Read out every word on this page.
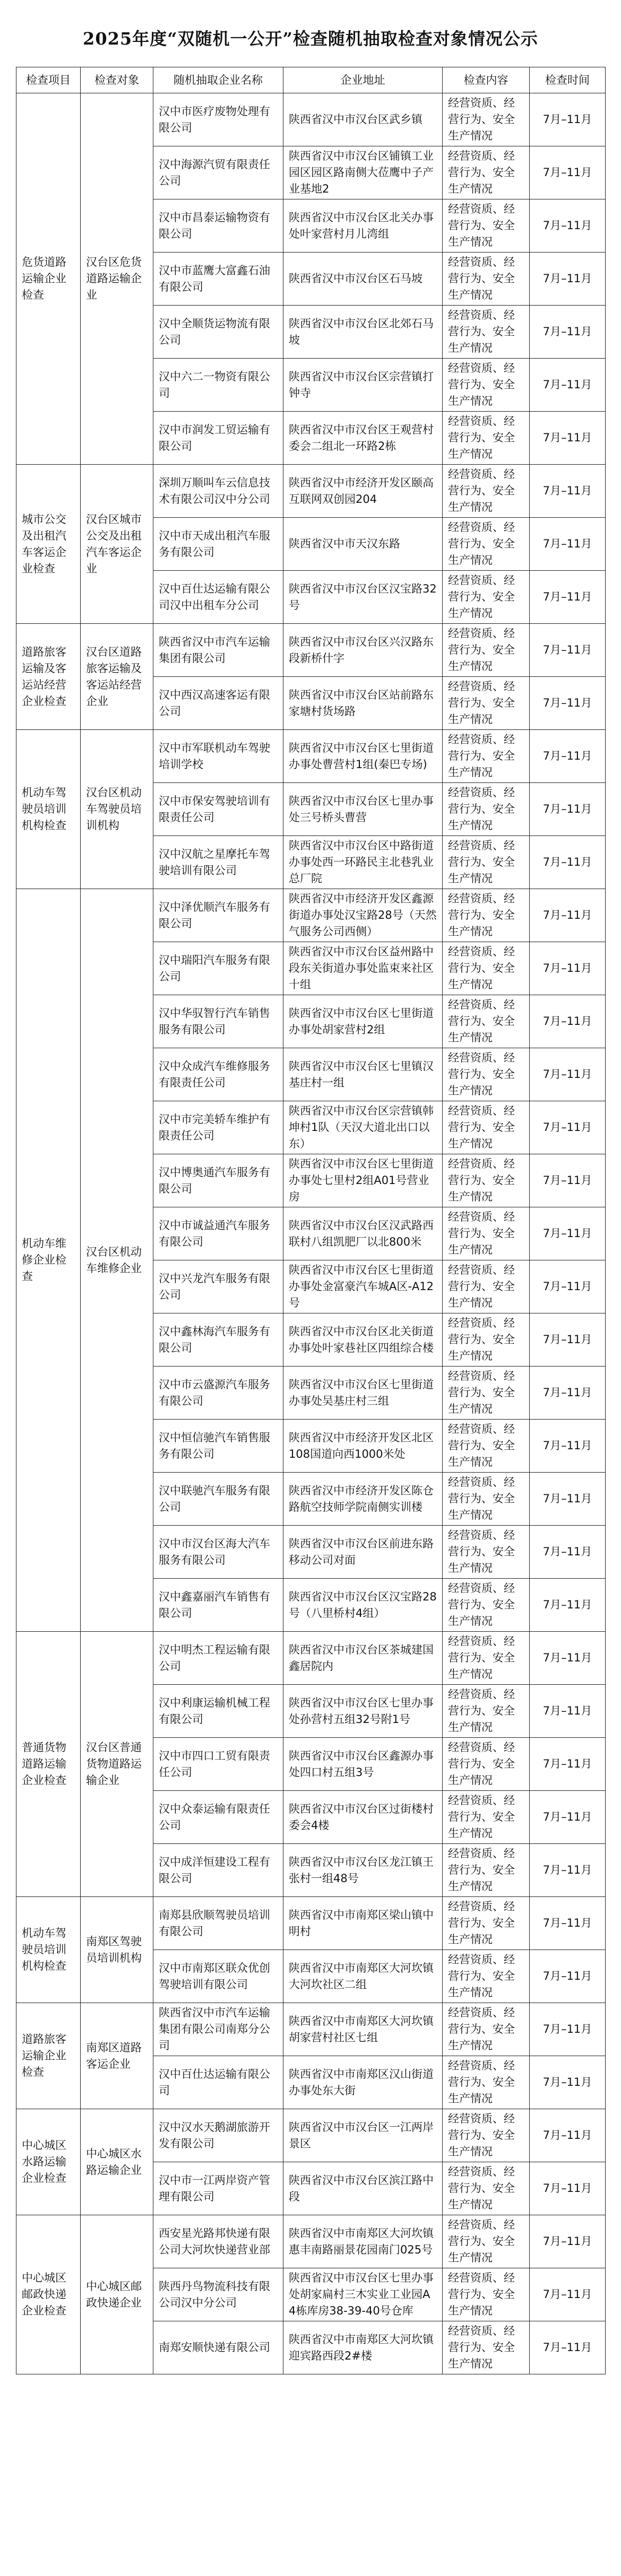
2025年度“双随机一公开”检查随机抽取检查对象情况公示
检查项目	检查对象	随机抽取企业名称	企业地址	检查内容	检查时间
危货道路运输企业检查	汉台区危货道路运输企业	汉中市医疗废物处理有限公司	陕西省汉中市汉台区武乡镇	经营资质、经营行为、安全生产情况	7月–11月
		汉中海源汽贸有限责任公司	陕西省汉中市汉台区铺镇工业园区园区路南侧大莅鹰中子产业基地2	经营资质、经营行为、安全生产情况	7月–11月
		汉中市昌泰运输物资有限公司	陕西省汉中市汉台区北关办事处叶家营村月儿湾组	经营资质、经营行为、安全生产情况	7月–11月
		汉中市蓝鹰大富鑫石油有限公司	陕西省汉中市汉台区石马坡	经营资质、经营行为、安全生产情况	7月–11月
		汉中全顺货运物流有限公司	陕西省汉中市汉台区北郊石马坡	经营资质、经营行为、安全生产情况	7月–11月
		汉中六二一物资有限公司	陕西省汉中市汉台区宗营镇打钟寺	经营资质、经营行为、安全生产情况	7月–11月
		汉中市润发工贸运输有限公司	陕西省汉中市汉台区王观营村委会二组北一环路2栋	经营资质、经营行为、安全生产情况	7月–11月
城市公交及出租汽车客运企业检查	汉台区城市公交及出租汽车客运企业	深圳万顺叫车云信息技术有限公司汉中分公司	陕西省汉中市经济开发区颐高互联网双创园204	经营资质、经营行为、安全生产情况	7月–11月
		汉中市天成出租汽车服务有限公司	陕西省汉中市天汉东路	经营资质、经营行为、安全生产情况	7月–11月
		汉中百仕达运输有限公司汉中出租车分公司	陕西省汉中市汉台区汉宝路32号	经营资质、经营行为、安全生产情况	7月–11月
道路旅客运输及客运站经营企业检查	汉台区道路旅客运输及客运站经营企业	陕西省汉中市汽车运输集团有限公司	陕西省汉中市汉台区兴汉路东段新桥什字	经营资质、经营行为、安全生产情况	7月–11月
		汉中西汉高速客运有限公司	陕西省汉中市汉台区站前路东家塘村货场路	经营资质、经营行为、安全生产情况	7月–11月
机动车驾驶员培训机构检查	汉台区机动车驾驶员培训机构	汉中市军联机动车驾驶培训学校	陕西省汉中市汉台区七里街道办事处曹营村1组(秦巴专场)	经营资质、经营行为、安全生产情况	7月–11月
		汉中市保安驾驶培训有限责任公司	陕西省汉中市汉台区七里办事处三号桥头曹营	经营资质、经营行为、安全生产情况	7月–11月
		汉中汉航之星摩托车驾驶培训有限公司	陕西省汉中市汉台区中路街道办事处西一环路民主北巷乳业总厂院	经营资质、经营行为、安全生产情况	7月–11月
机动车维修企业检查	汉台区机动车维修企业	汉中泽优顺汽车服务有限公司	陕西省汉中市经济开发区鑫源街道办事处汉宝路28号（天然气服务公司西侧）	经营资质、经营行为、安全生产情况	7月–11月
		汉中瑞阳汽车服务有限公司	陕西省汉中市汉台区益州路中段东关街道办事处监束来社区十组	经营资质、经营行为、安全生产情况	7月–11月
		汉中华驭智行汽车销售服务有限公司	陕西省汉中市汉台区七里街道办事处胡家营村2组	经营资质、经营行为、安全生产情况	7月–11月
		汉中众成汽车维修服务有限责任公司	陕西省汉中市汉台区七里镇汉基庄村一组	经营资质、经营行为、安全生产情况	7月–11月
		汉中市完美轿车维护有限责任公司	陕西省汉中市汉台区宗营镇韩坤村1队（天汉大道北出口以东）	经营资质、经营行为、安全生产情况	7月–11月
		汉中博奥通汽车服务有限公司	陕西省汉中市汉台区七里街道办事处七里村2组A01号营业房	经营资质、经营行为、安全生产情况	7月–11月
		汉中市诚益通汽车服务有限公司	陕西省汉中市汉台区汉武路西联村八组凯肥厂以北800米	经营资质、经营行为、安全生产情况	7月–11月
		汉中兴龙汽车服务有限公司	陕西省汉中市汉台区七里街道办事处金富豪汽车城A区-A12号	经营资质、经营行为、安全生产情况	7月–11月
		汉中鑫林海汽车服务有限公司	陕西省汉中市汉台区北关街道办事处叶家巷社区四组综合楼	经营资质、经营行为、安全生产情况	7月–11月
		汉中市云盛源汽车服务有限公司	陕西省汉中市汉台区七里街道办事处吴基庄村三组	经营资质、经营行为、安全生产情况	7月–11月
		汉中恒信驰汽车销售服务有限公司	陕西省汉中市经济开发区北区108国道向西1000米处	经营资质、经营行为、安全生产情况	7月–11月
		汉中联驰汽车服务有限公司	陕西省汉中市经济开发区陈仓路航空技师学院南侧实训楼	经营资质、经营行为、安全生产情况	7月–11月
		汉中市汉台区海大汽车服务有限公司	陕西省汉中市汉台区前进东路移动公司对面	经营资质、经营行为、安全生产情况	7月–11月
		汉中鑫嘉丽汽车销售有限公司	陕西省汉中市汉台区汉宝路28号（八里桥村4组）	经营资质、经营行为、安全生产情况	7月–11月
普通货物道路运输企业检查	汉台区普通货物道路运输企业	汉中明杰工程运输有限公司	陕西省汉中市汉台区茶城建国鑫居院内	经营资质、经营行为、安全生产情况	7月–11月
		汉中利康运输机械工程有限公司	陕西省汉中市汉台区七里办事处孙营村五组32号附1号	经营资质、经营行为、安全生产情况	7月–11月
		汉中市四口工贸有限责任公司	陕西省汉中市汉台区鑫源办事处四口村五组3号	经营资质、经营行为、安全生产情况	7月–11月
		汉中众泰运输有限责任公司	陕西省汉中市汉台区过街楼村委会4楼	经营资质、经营行为、安全生产情况	7月–11月
		汉中成洋恒建设工程有限公司	陕西省汉中市汉台区龙江镇王张村一组48号	经营资质、经营行为、安全生产情况	7月–11月
机动车驾驶员培训机构检查	南郑区驾驶员培训机构	南郑县欣顺驾驶员培训有限公司	陕西省汉中市南郑区梁山镇中明村	经营资质、经营行为、安全生产情况	7月–11月
		汉中市南郑区联众优创驾驶培训有限公司	陕西省汉中市南郑区大河坎镇大河坎社区二组	经营资质、经营行为、安全生产情况	7月–11月
道路旅客运输企业检查	南郑区道路客运企业	陕西省汉中市汽车运输集团有限公司南郑分公司	陕西省汉中市南郑区大河坎镇胡家营村社区七组	经营资质、经营行为、安全生产情况	7月–11月
		汉中百仕达运输有限公司	陕西省汉中市南郑区汉山街道办事处东大街	经营资质、经营行为、安全生产情况	7月–11月
中心城区水路运输企业检查	中心城区水路运输企业	汉中汉水天鹅湖旅游开发有限公司	陕西省汉中市汉台区一江两岸景区	经营资质、经营行为、安全生产情况	7月–11月
		汉中市一江两岸资产管理有限公司	陕西省汉中市汉台区滨江路中段	经营资质、经营行为、安全生产情况	7月–11月
中心城区邮政快递企业检查	中心城区邮政快递企业	西安星光路邦快递有限公司大河坎快递营业部	陕西省汉中市南郑区大河坎镇惠丰南路丽景花园南门025号	经营资质、经营行为、安全生产情况	7月–11月
		陕西丹鸟物流科技有限公司汉中分公司	陕西省汉中市汉台区七里办事处胡家扁村三木实业工业园A4栋库房38-39-40号仓库	经营资质、经营行为、安全生产情况	7月–11月
		南郑安顺快递有限公司	陕西省汉中市南郑区大河坎镇迎宾路西段2#楼	经营资质、经营行为、安全生产情况	7月–11月
